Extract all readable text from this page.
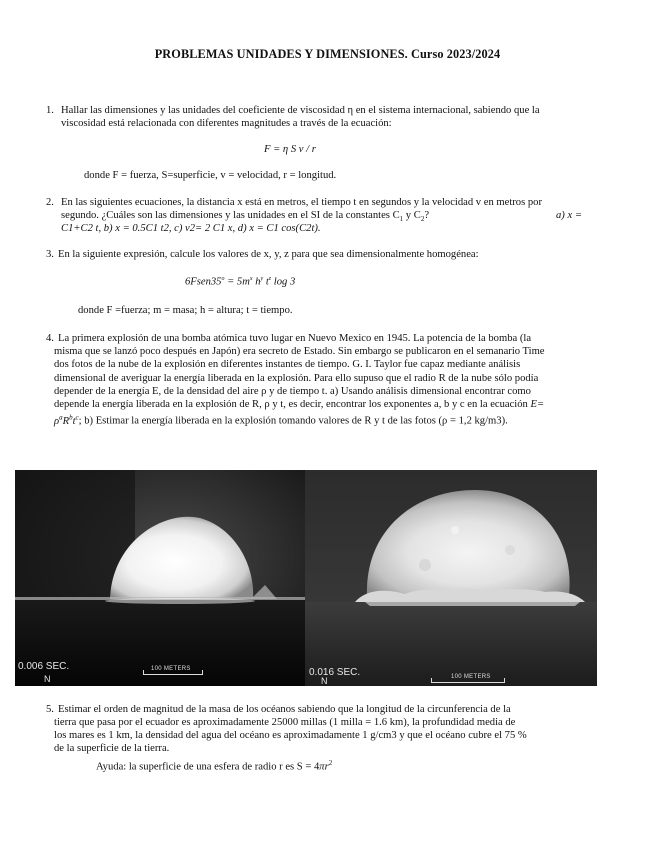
PROBLEMAS UNIDADES Y DIMENSIONES. Curso 2023/2024
1. Hallar las dimensiones y las unidades del coeficiente de viscosidad η en el sistema internacional, sabiendo que la
viscosidad está relacionada con diferentes magnitudes a través de la ecuación:
F = η S v / r
donde F = fuerza, S=superficie, v = velocidad, r = longitud.
2. En las siguientes ecuaciones, la distancia x está en metros, el tiempo t en segundos y la velocidad v en metros por
segundo. ¿Cuáles son las dimensiones y las unidades en el SI de la constantes $C_1$ y $C_2$?	a) x =
C1+C2 t, b) x = 0.5C1 t2, c) v2= 2 C1 x, d) x = C1 cos(C2t).
3. En la siguiente expresión, calcule los valores de x, y, z para que sea dimensionalmente homogénea:
$6Fsen35^o = 5m^x$ $h^y$ $t^z$ log 3
donde F =fuerza; m = masa; h = altura; t = tiempo.
4. La primera explosión de una bomba atómica tuvo lugar en Nuevo Mexico en 1945. La potencia de la bomba (la
misma que se lanzó poco después en Japón) era secreto de Estado. Sin embargo se publicaron en el semanario Time
dos fotos de la nube de la explosión en diferentes instantes de tiempo. G. I. Taylor fue capaz mediante análisis
dimensional de averiguar la energía liberada en la explosión. Para ello supuso que el radio R de la nube sólo podía
depender de la energía E, de la densidad del aire ρ y de tiempo t. a) Usando análisis dimensional encontrar como
depende la energía liberada en la explosión de R, ρ y t, es decir, encontrar los exponentes a, b y c en la ecuación E=
$\rho^aR^bt^c$; b) Estimar la energía liberada en la explosión tomando valores de R y t de las fotos (ρ = 1,2 kg/m3).
0.006 SEC.
N
100 METERS	0.016 SEC.
N	100 METERS
5. Estimar el orden de magnitud de la masa de los océanos sabiendo que la longitud de la circunferencia de la
tierra que pasa por el ecuador es aproximadamente 25000 millas (1 milla = 1.6 km), la profundidad media de
los mares es 1 km, la densidad del agua del océano es aproximadamente 1 g/cm3 y que el océano cubre el 75 %
de la superficie de la tierra.
Ayuda: la superficie de una esfera de radio r es $S = 4\pi r^2$
